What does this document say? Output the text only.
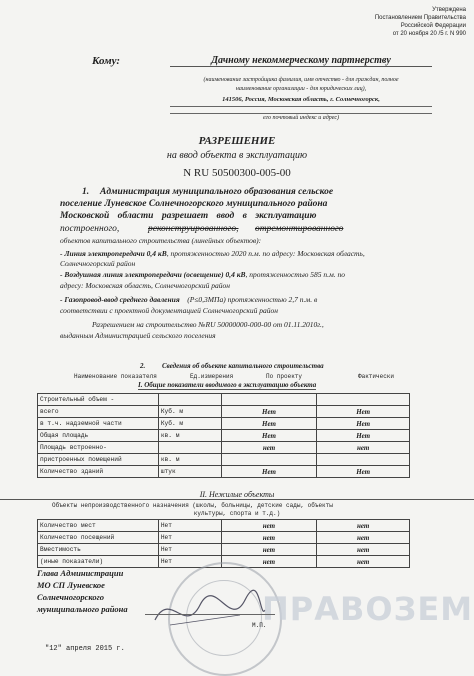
Утверждена
Постановлением Правительства
Российской Федерации
от 20 ноября 20 /5 г. N 990
Кому:	Дачному некоммерческому партнерству
(наименование застройщика фамилия, имя отчество - для граждан, полное
наименование организации - для юридических лиц),
141506, Россия, Московская область, г. Солнечногорск,
его почтовый индекс и адрес)
РАЗРЕШЕНИЕ
на ввод объекта в эксплуатацию
N RU 50500300-005-00
1. Администрация муниципального образования сельское
поселение Луневское Солнечногорского муниципального района
Московской области разрешает ввод в эксплуатацию
построенного,	реконструированного, отремонтированного
объектов капитального строительства (линейных объектов):
- Линия электропередачи 0,4 кВ, протяженностью 2020 п.м. по адресу: Московская область,
Солнечногорский район
- Воздушная линия электропередачи (освещение) 0,4 кВ, протяженностью 585 п.м. по
адресу: Московская область, Солнечногорский район
- Газопровод-ввод среднего давления (Р≤0,3МПа) протяженностью 2,7 п.м. в
соответствии с проектной документацией Солнечногорский район
Разрешением на строительство №RU 50000000-000-00 от 01.11.2010г.,
выданным Администрацией сельского поселения
2. Сведения об объекте капитального строительства
Наименование показателя	Ед.измерения	По проекту	Фактически
I. Общие показатели вводимого в эксплуатацию объекта
Строительный объем -			
всего	Куб. м	Нет	Нет
в т.ч. надземной части	Куб. м	Нет	Нет
Общая площадь	кв. м	Нет	Нет
Площадь встроенно-		нет	нет
пристроенных помещений	кв. м		
Количество зданий	штук	Нет	Нет
II. Нежилые объекты
Объекты непроизводственного назначения (школы, больницы, детские сады, объекты
культуры, спорта и т.д.)
Количество мест	Нет	нет	нет
Количество посещений	Нет	нет	нет
Вместимость	Нет	нет	нет
(иные показатели)	Нет	нет	нет
ПРАВОЗЕМ
Глава Администрации
МО СП Луневское
Солнечногорского
муниципального района
М.П.
"12" апреля 2015 г.
